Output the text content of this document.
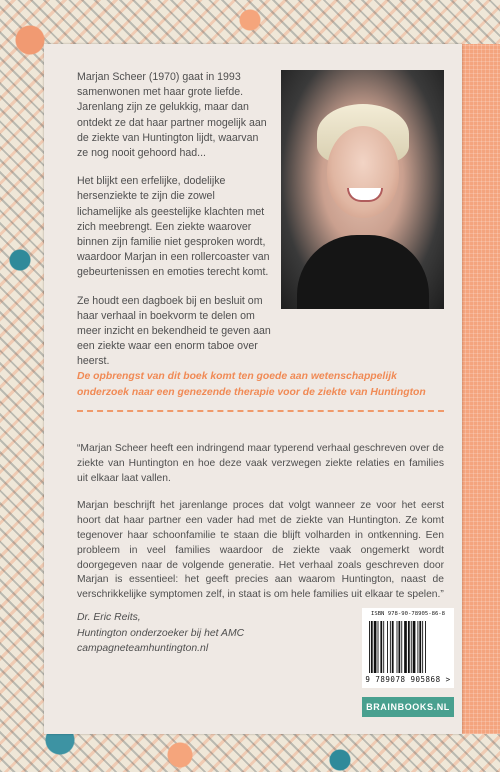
Marjan Scheer (1970) gaat in 1993 samenwonen met haar grote liefde. Jarenlang zijn ze gelukkig, maar dan ontdekt ze dat haar partner mogelijk aan de ziekte van Huntington lijdt, waarvan ze nog nooit gehoord had...

Het blijkt een erfelijke, dodelijke hersenziekte te zijn die zowel lichamelijke als geestelijke klachten met zich meebrengt. Een ziekte waarover binnen zijn familie niet gesproken wordt, waardoor Marjan in een rollercoaster van gebeurtenissen en emoties terecht komt.

Ze houdt een dagboek bij en besluit om haar verhaal in boekvorm te delen om meer inzicht en bekendheid te geven aan een ziekte waar een enorm taboe over heerst.

De opbrengst van dit boek komt ten goede aan wetenschappelijk onderzoek naar een genezende therapie voor de ziekte van Huntington

“Marjan Scheer heeft een indringend maar typerend verhaal geschreven over de ziekte van Huntington en hoe deze vaak verzwegen ziekte relaties en families uit elkaar laat vallen.

Marjan beschrijft het jarenlange proces dat volgt wanneer ze voor het eerst hoort dat haar partner een vader had met de ziekte van Huntington. Ze komt tegenover haar schoonfamilie te staan die blijft volharden in ontkenning. Een probleem in veel families waardoor de ziekte vaak ongemerkt wordt doorgegeven naar de volgende generatie. Het verhaal zoals geschreven door Marjan is essentieel: het geeft precies aan waarom Huntington, naast de verschrikkelijke symptomen zelf, in staat is om hele families uit elkaar te spelen.”

Dr. Eric Reits,
Huntington onderzoeker bij het AMC
campagneteamhuntington.nl
ISBN 978-90-78905-86-8
9 789078 905868 >
BRAINBOOKS.NL
